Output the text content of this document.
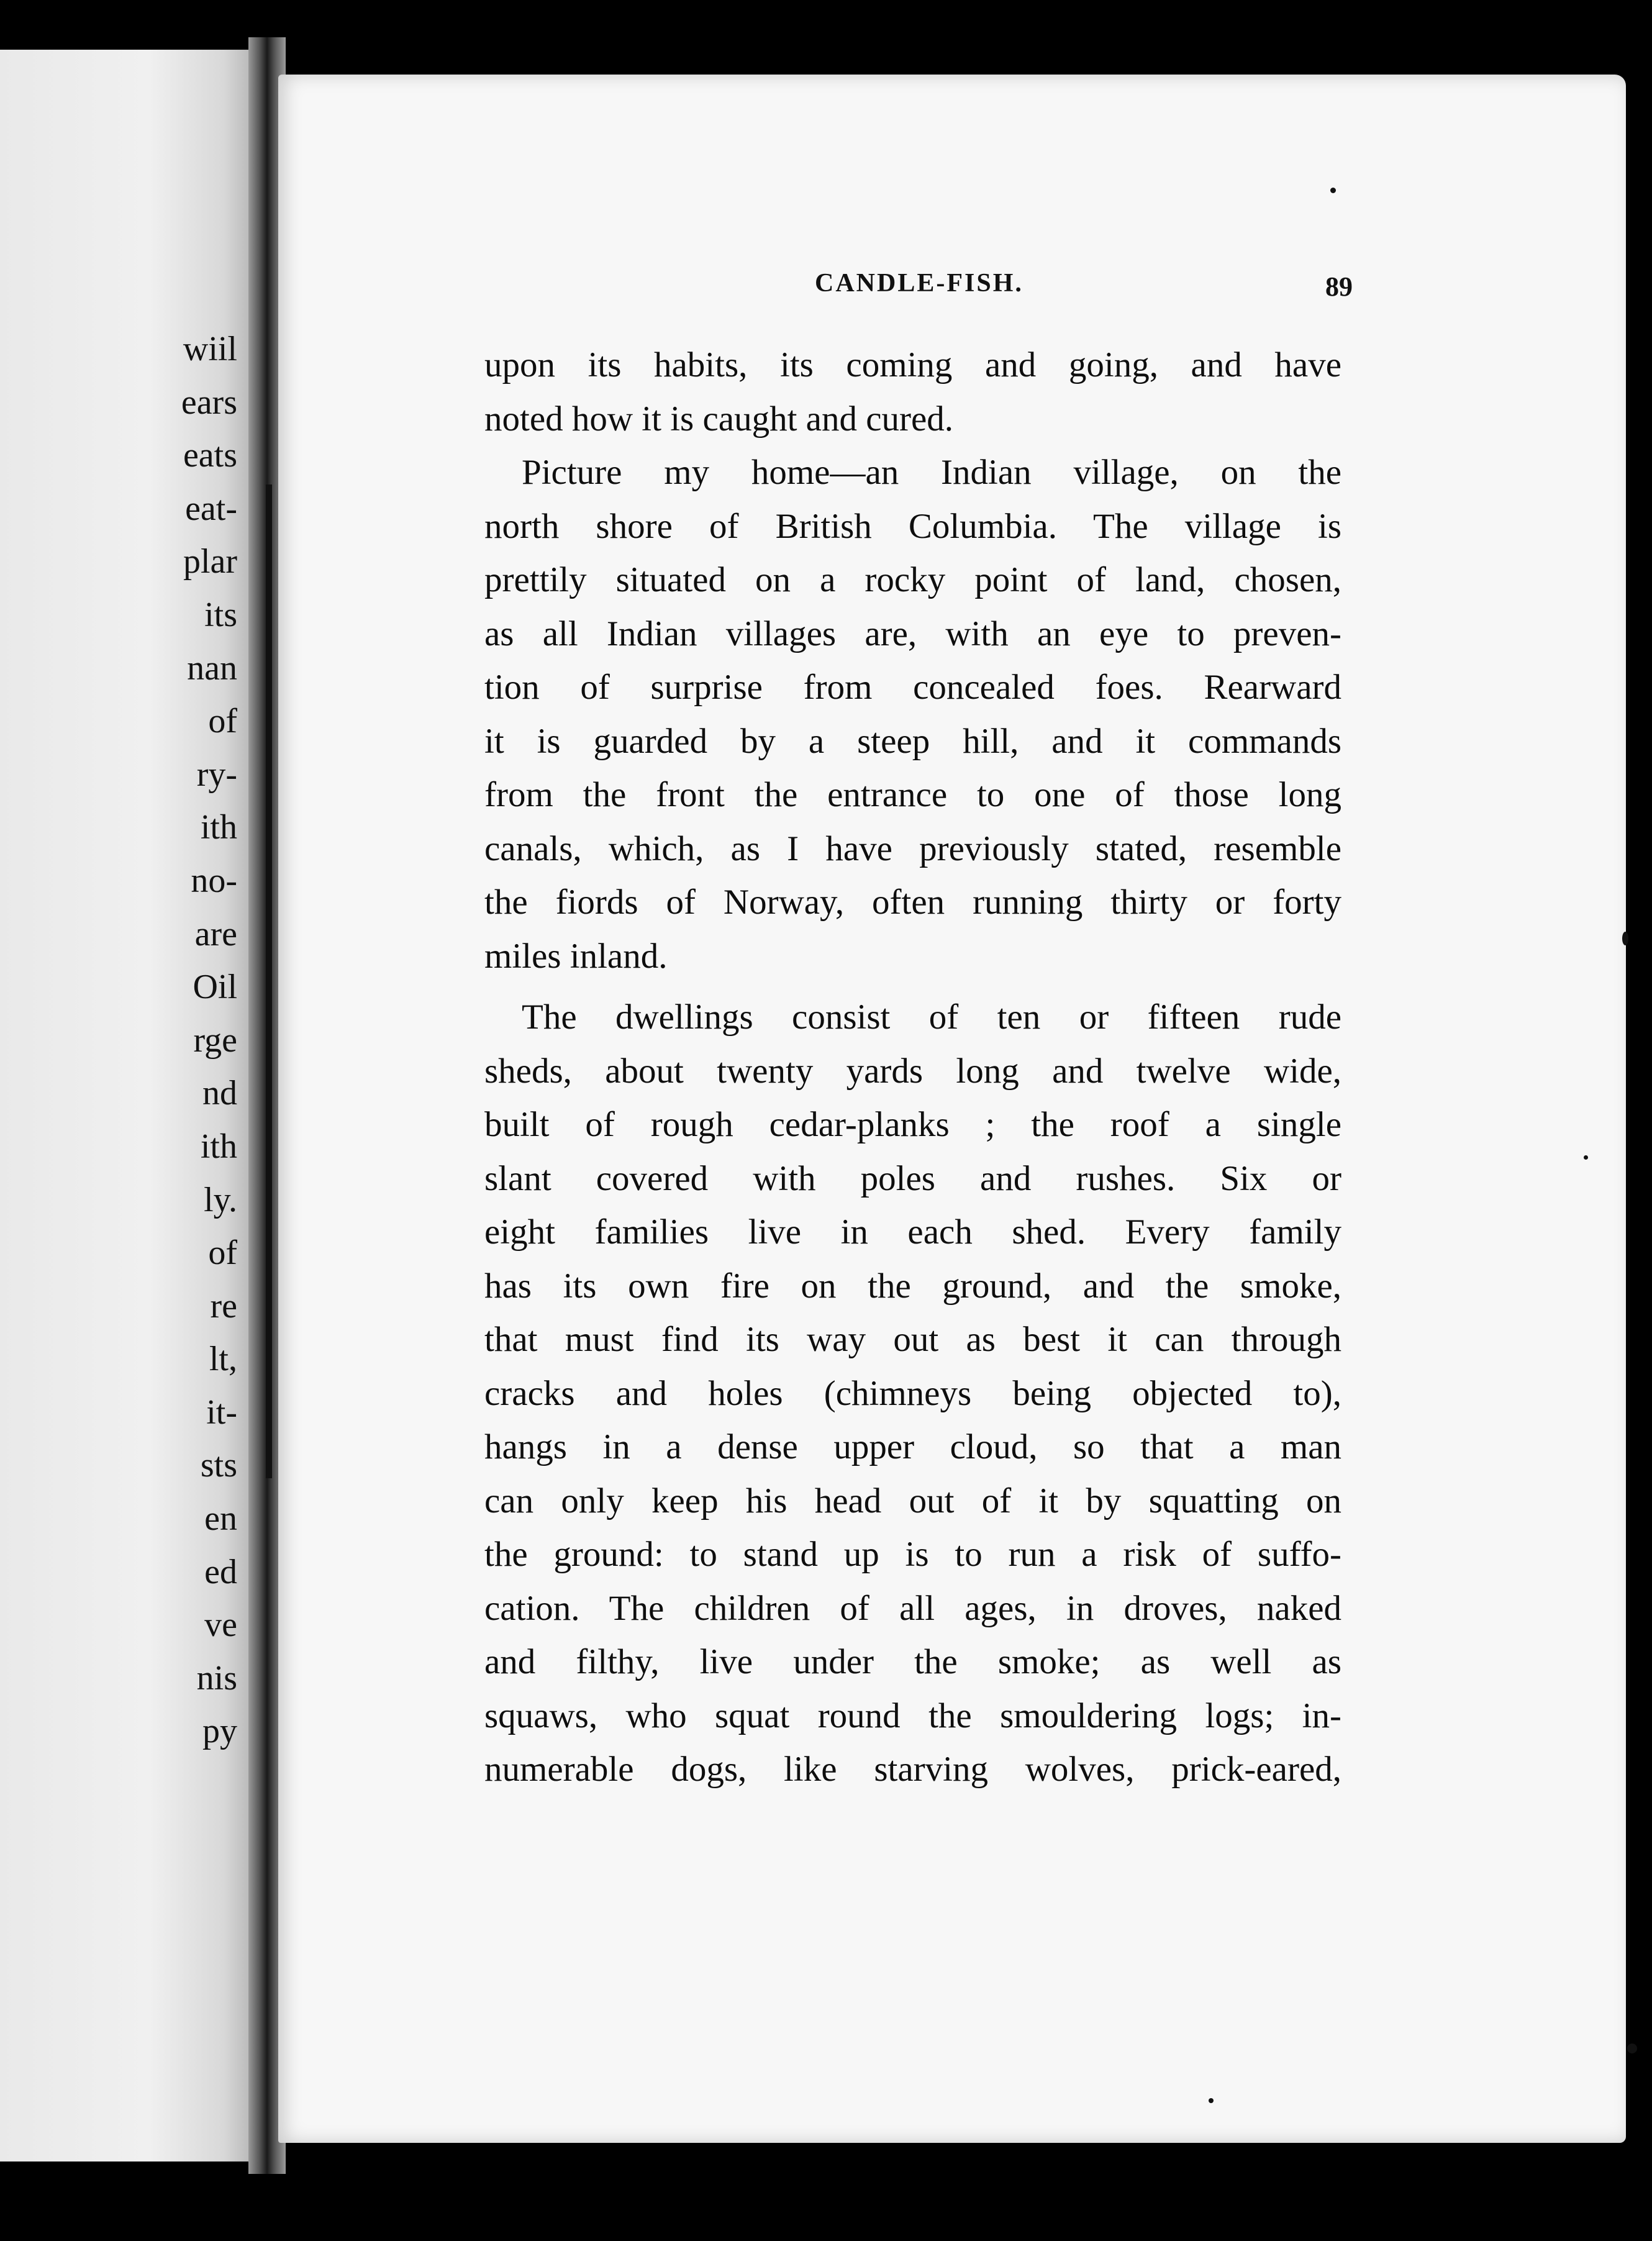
wiil
ears
eats
eat-
plar
its
nan
of
ry-
ith
no-
are
Oil
rge
nd
ith
ly.
of
re
lt,
it-
sts
en
ed
ve
nis
py
CANDLE-FISH.	89

upon its habits, its coming and going, and have

noted how it is caught and cured.

Picture my home—an Indian village, on the

north shore of British Columbia. The village is

prettily situated on a rocky point of land, chosen,

as all Indian villages are, with an eye to preven-

tion of surprise from concealed foes. Rearward

it is guarded by a steep hill, and it commands

from the front the entrance to one of those long

canals, which, as I have previously stated, resemble

the fiords of Norway, often running thirty or forty

miles inland.

The dwellings consist of ten or fifteen rude

sheds, about twenty yards long and twelve wide,

built of rough cedar-planks ; the roof a single

slant covered with poles and rushes. Six or

eight families live in each shed. Every family

has its own fire on the ground, and the smoke,

that must find its way out as best it can through

cracks and holes (chimneys being objected to),

hangs in a dense upper cloud, so that a man

can only keep his head out of it by squatting on

the ground: to stand up is to run a risk of suffo-

cation. The children of all ages, in droves, naked

and filthy, live under the smoke; as well as

squaws, who squat round the smouldering logs; in-

numerable dogs, like starving wolves, prick-eared,
